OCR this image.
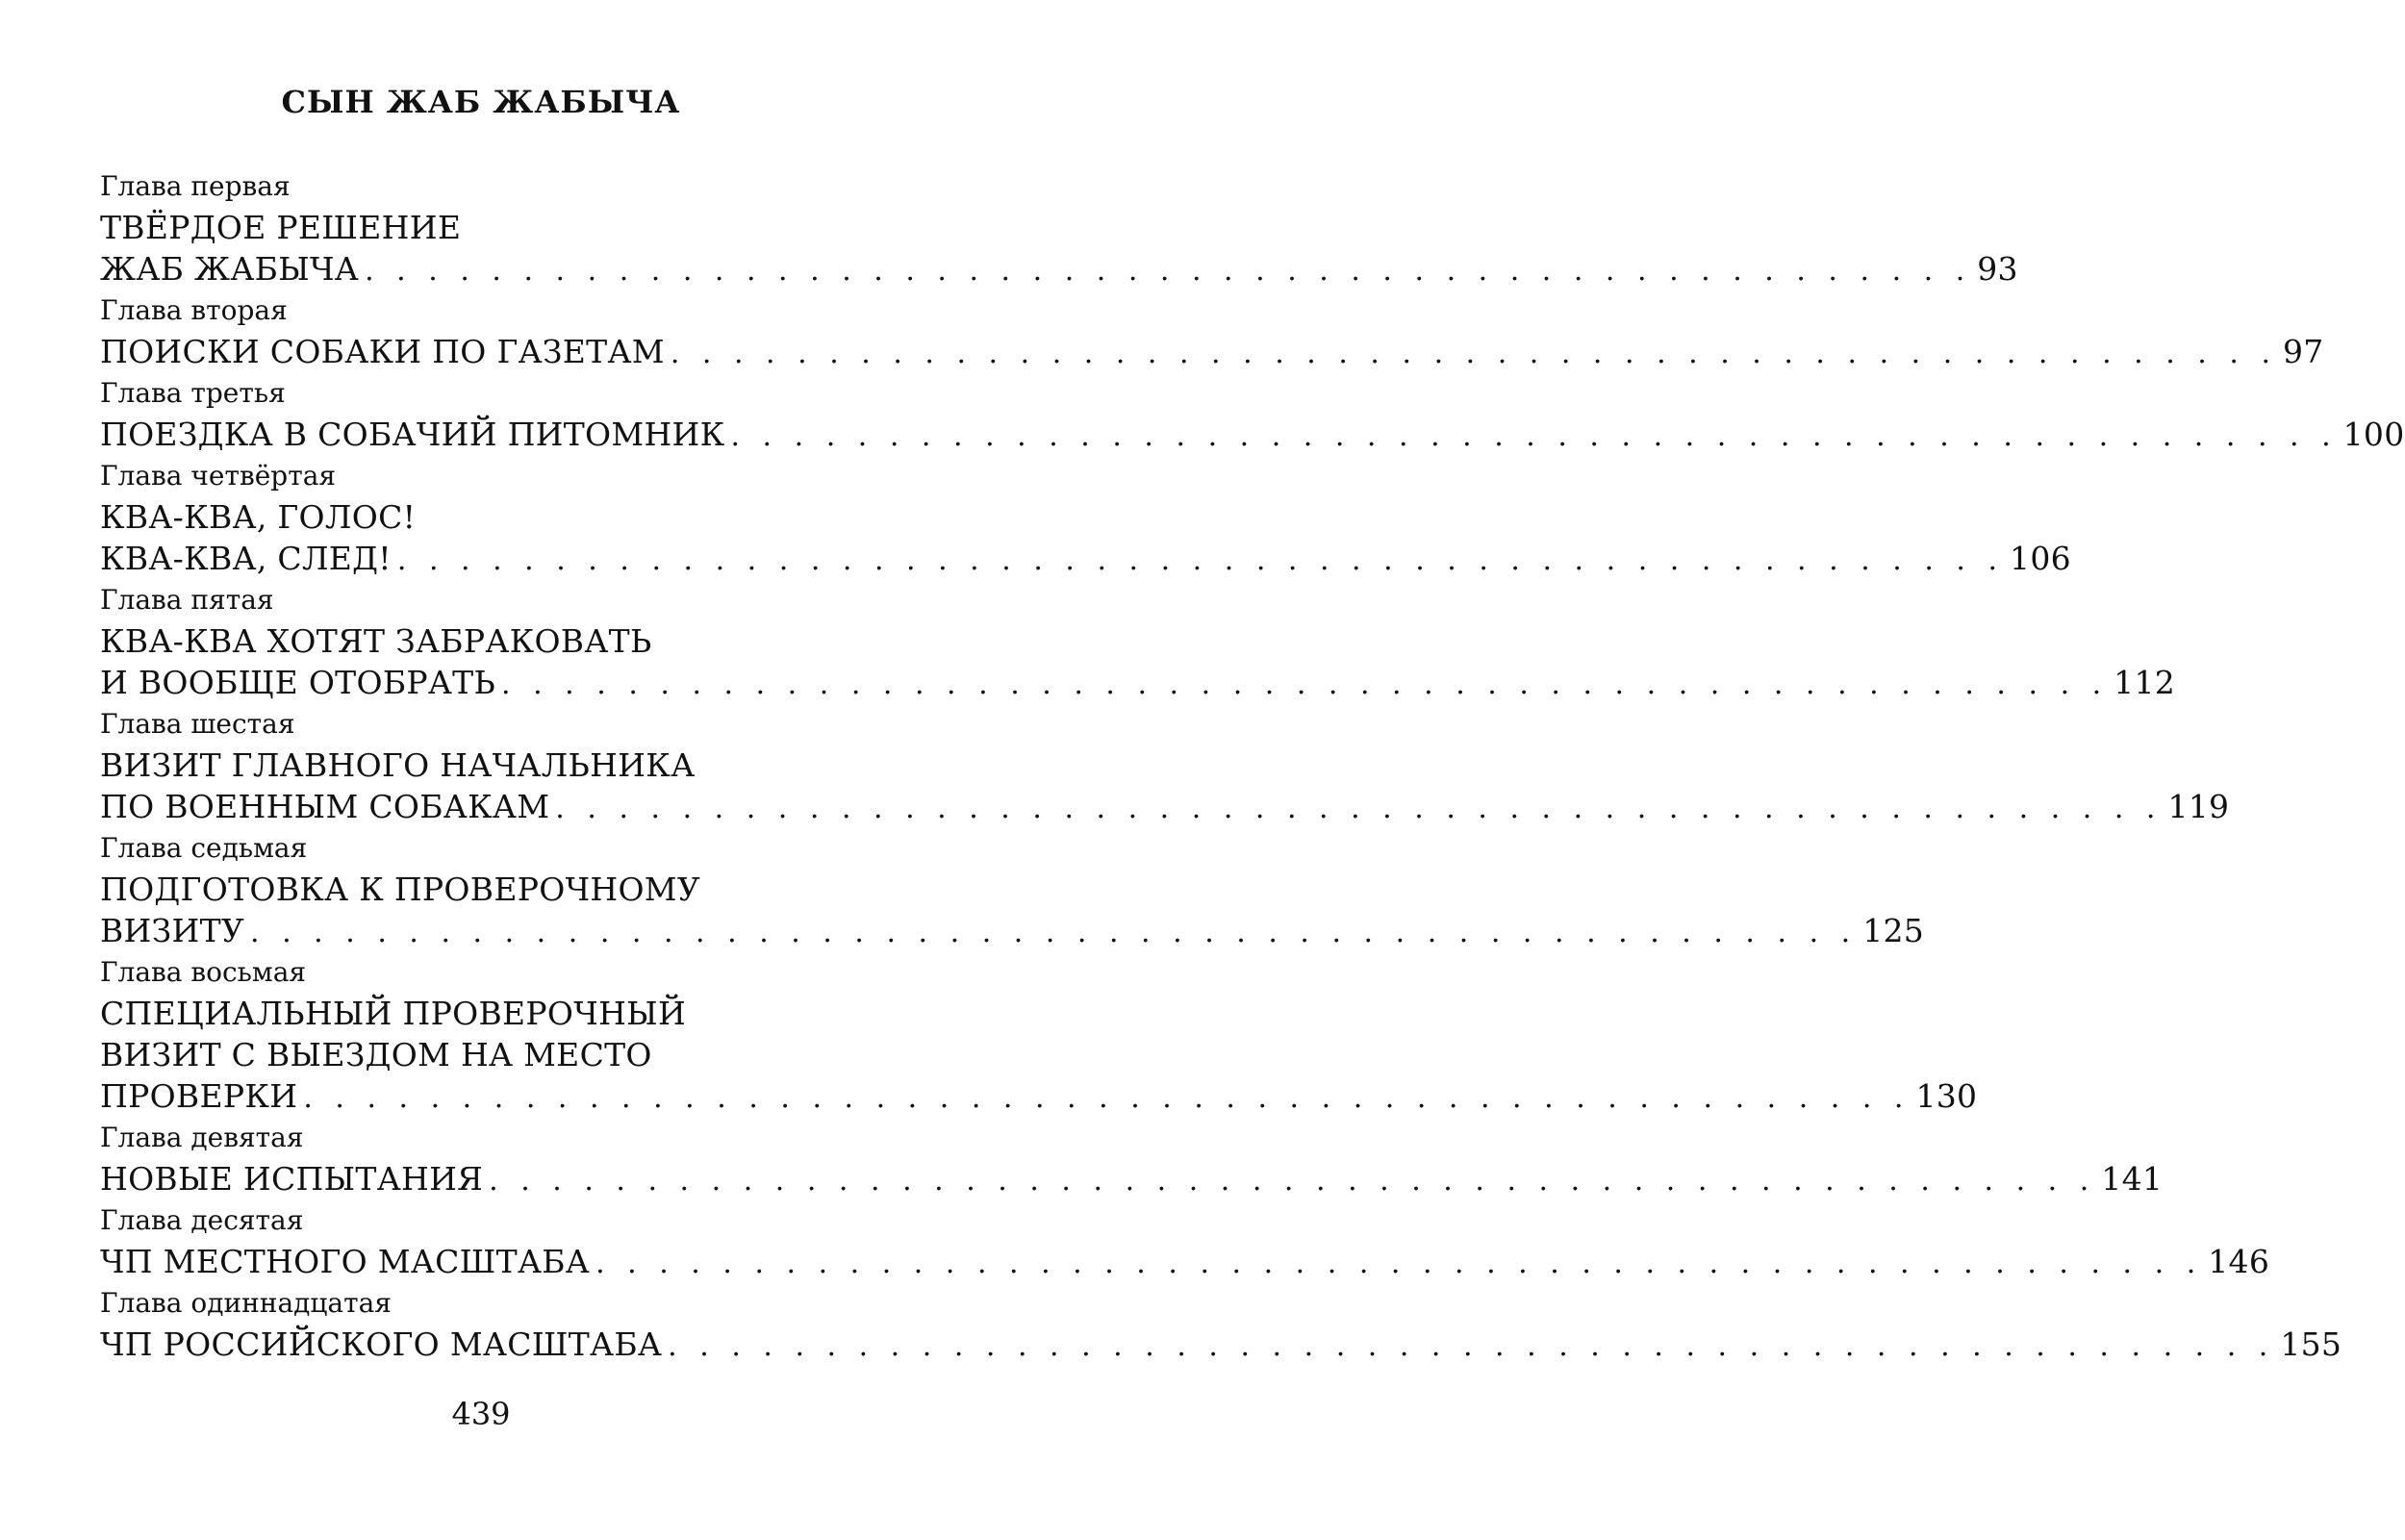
СЫН ЖАБ ЖАБЫЧА
Глава первая
ТВЁРДОЕ РЕШЕНИЕ
ЖАБ ЖАБЫЧА . . . . . . . . . . . . . . . . . . . . . . . . . . . . . . . . . . . . . . . . . . . . . . . . . . . 93
Глава вторая
ПОИСКИ СОБАКИ ПО ГАЗЕТАМ . . . . . . . . . . . . . . . . . . . . . . . . . . . . . . . . . . . . . . . . . . . . . . . . . . . 97
Глава третья
ПОЕЗДКА В СОБАЧИЙ ПИТОМНИК . . . . . . . . . . . . . . . . . . . . . . . . . . . . . . . . . . . . . . . . . . . . . . . . . . . 100
Глава четвёртая
КВА-КВА, ГОЛОС!
КВА-КВА, СЛЕД! . . . . . . . . . . . . . . . . . . . . . . . . . . . . . . . . . . . . . . . . . . . . . . . . . . . 106
Глава пятая
КВА-КВА ХОТЯТ ЗАБРАКОВАТЬ
И ВООБЩЕ ОТОБРАТЬ . . . . . . . . . . . . . . . . . . . . . . . . . . . . . . . . . . . . . . . . . . . . . . . . . . . 112
Глава шестая
ВИЗИТ ГЛАВНОГО НАЧАЛЬНИКА
ПО ВОЕННЫМ СОБАКАМ . . . . . . . . . . . . . . . . . . . . . . . . . . . . . . . . . . . . . . . . . . . . . . . . . . . 119
Глава седьмая
ПОДГОТОВКА К ПРОВЕРОЧНОМУ
ВИЗИТУ . . . . . . . . . . . . . . . . . . . . . . . . . . . . . . . . . . . . . . . . . . . . . . . . . . . 125
Глава восьмая
СПЕЦИАЛЬНЫЙ ПРОВЕРОЧНЫЙ
ВИЗИТ С ВЫЕЗДОМ НА МЕСТО
ПРОВЕРКИ . . . . . . . . . . . . . . . . . . . . . . . . . . . . . . . . . . . . . . . . . . . . . . . . . . . 130
Глава девятая
НОВЫЕ ИСПЫТАНИЯ . . . . . . . . . . . . . . . . . . . . . . . . . . . . . . . . . . . . . . . . . . . . . . . . . . . 141
Глава десятая
ЧП МЕСТНОГО МАСШТАБА . . . . . . . . . . . . . . . . . . . . . . . . . . . . . . . . . . . . . . . . . . . . . . . . . . . 146
Глава одиннадцатая
ЧП РОССИЙСКОГО МАСШТАБА . . . . . . . . . . . . . . . . . . . . . . . . . . . . . . . . . . . . . . . . . . . . . . . . . . . 155
439
